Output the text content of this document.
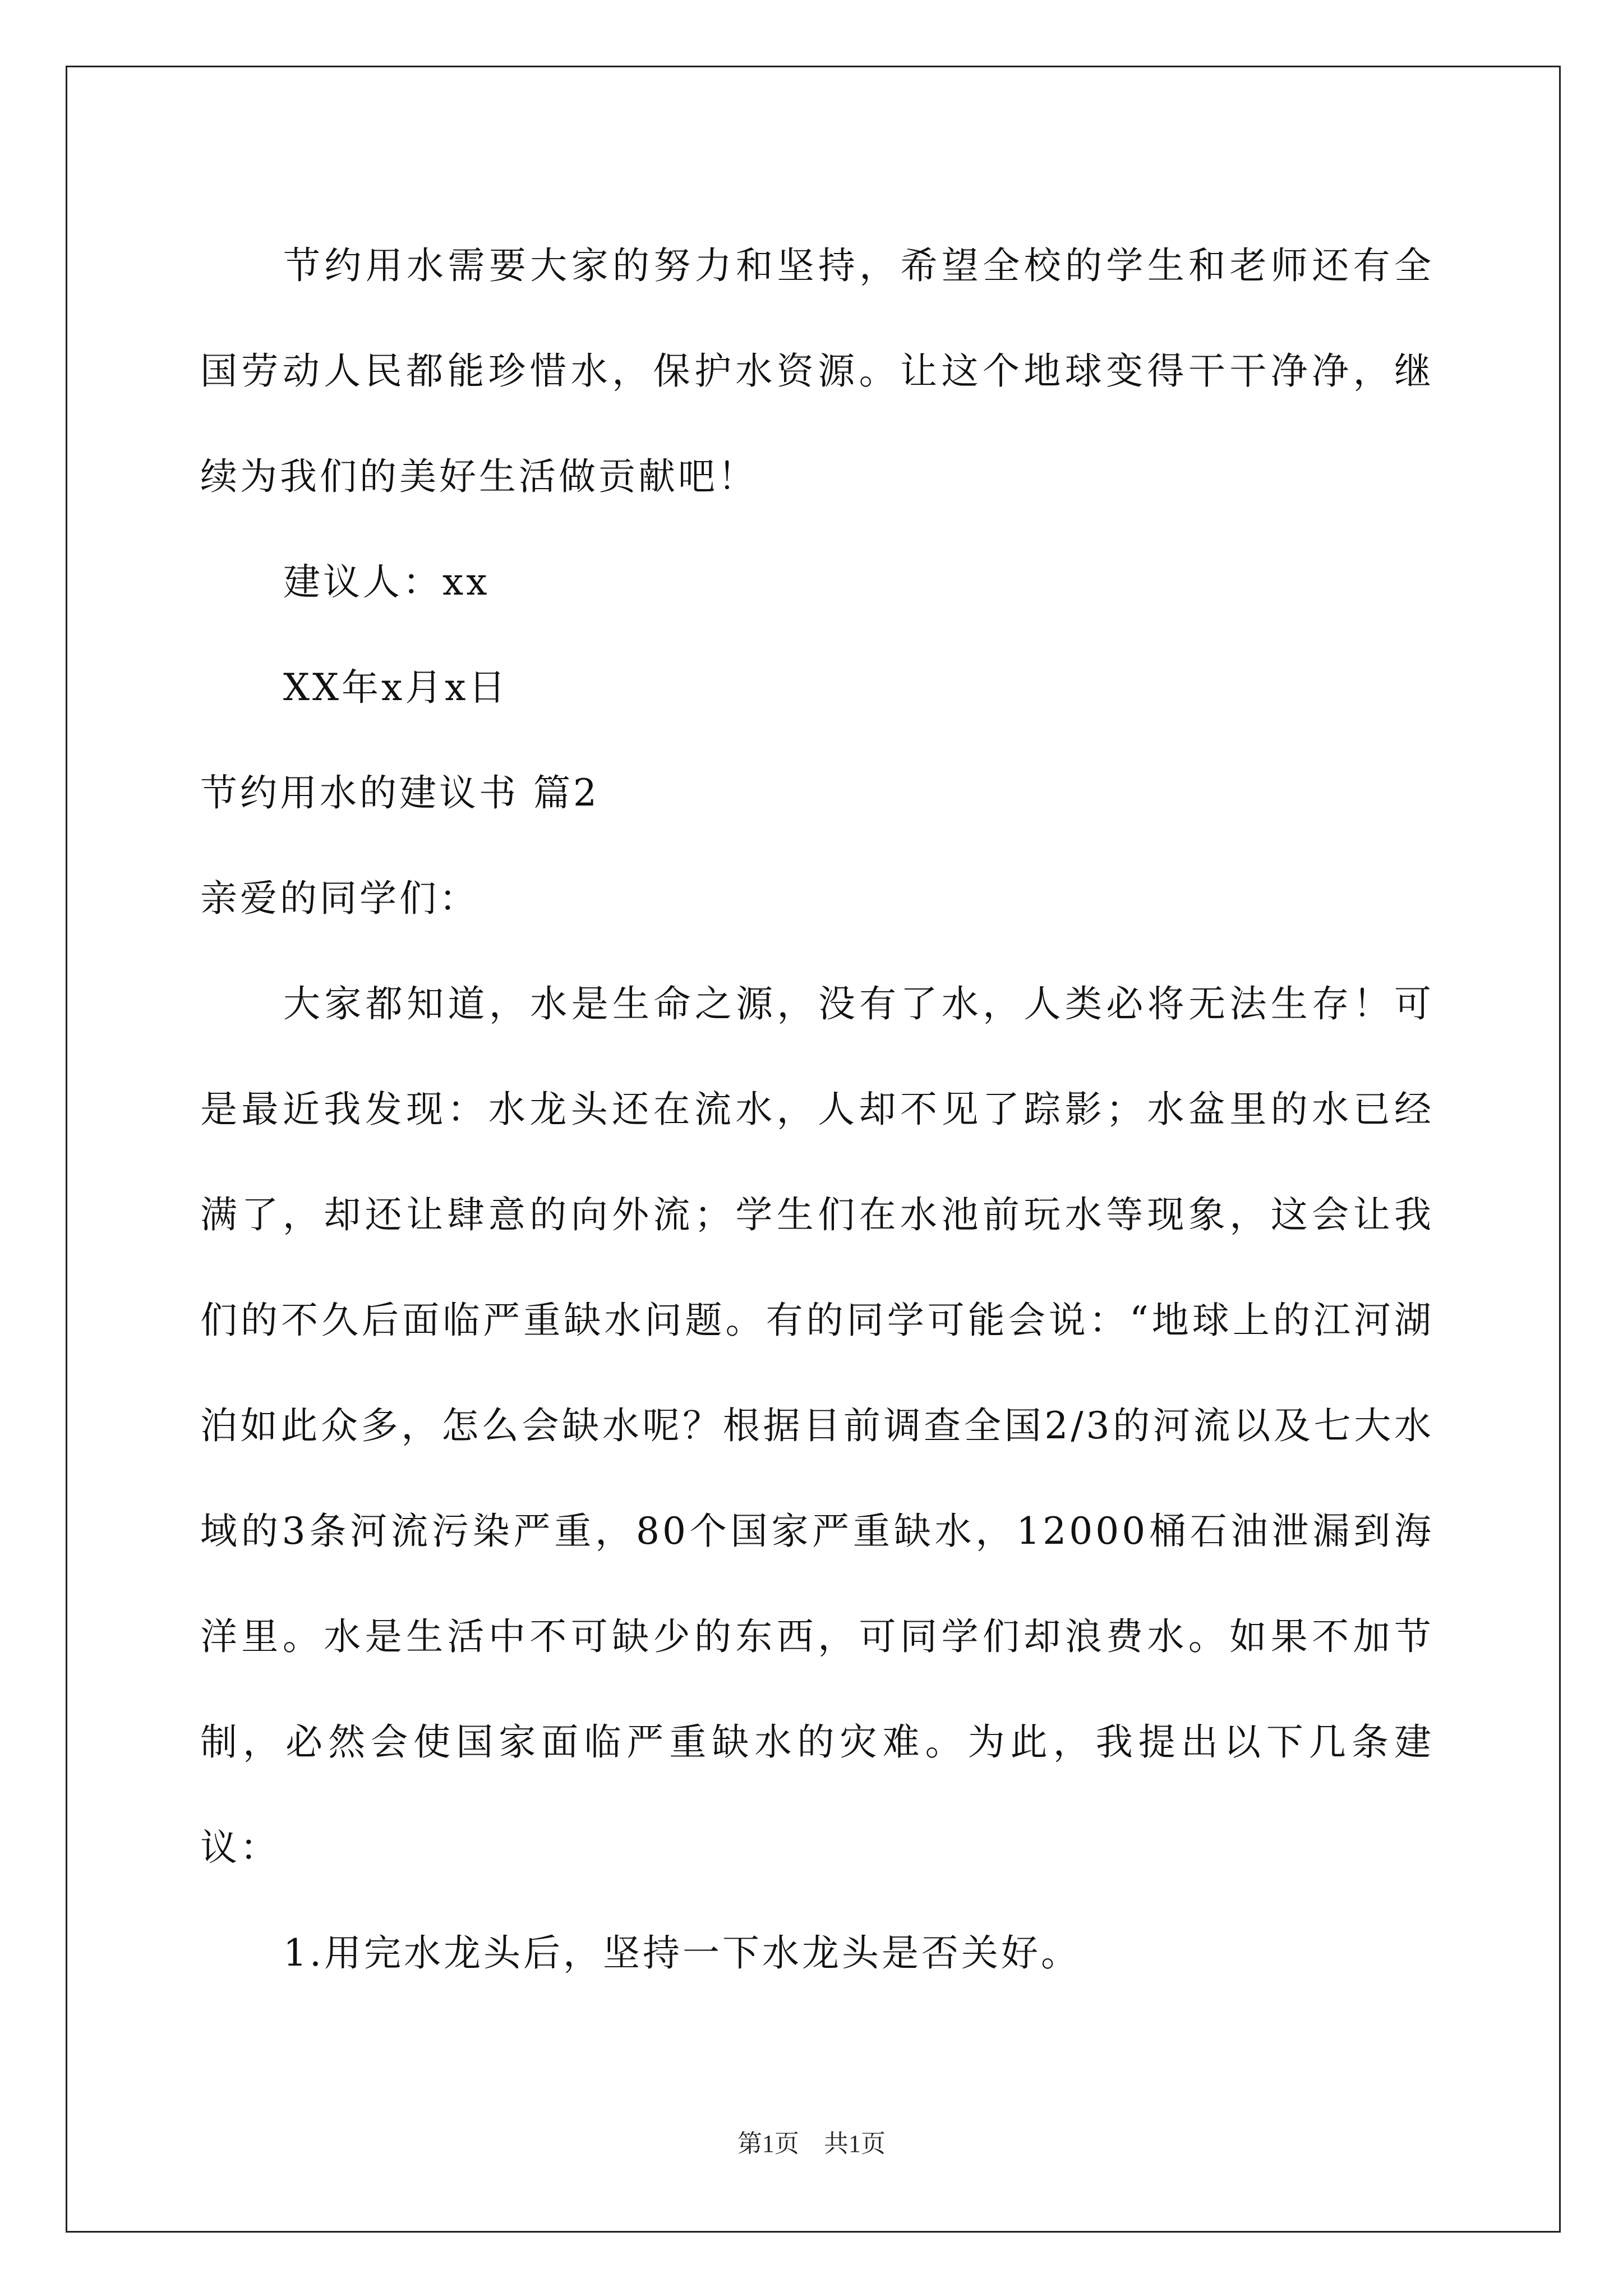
节约用水需要大家的努力和坚持，希望全校的学生和老师还有全国劳动人民都能珍惜水，保护水资源。让这个地球变得干干净净，继续为我们的美好生活做贡献吧！

建议人：xx

XX年x月x日

节约用水的建议书 篇2

亲爱的同学们：

大家都知道，水是生命之源，没有了水，人类必将无法生存！可是最近我发现：水龙头还在流水，人却不见了踪影；水盆里的水已经满了，却还让肆意的向外流；学生们在水池前玩水等现象，这会让我们的不久后面临严重缺水问题。有的同学可能会说：“地球上的江河湖泊如此众多，怎么会缺水呢？根据目前调查全国2/3的河流以及七大水域的3条河流污染严重，80个国家严重缺水，12000桶石油泄漏到海洋里。水是生活中不可缺少的东西，可同学们却浪费水。如果不加节制，必然会使国家面临严重缺水的灾难。为此，我提出以下几条建议：

1.用完水龙头后，坚持一下水龙头是否关好。

第1页　共1页
